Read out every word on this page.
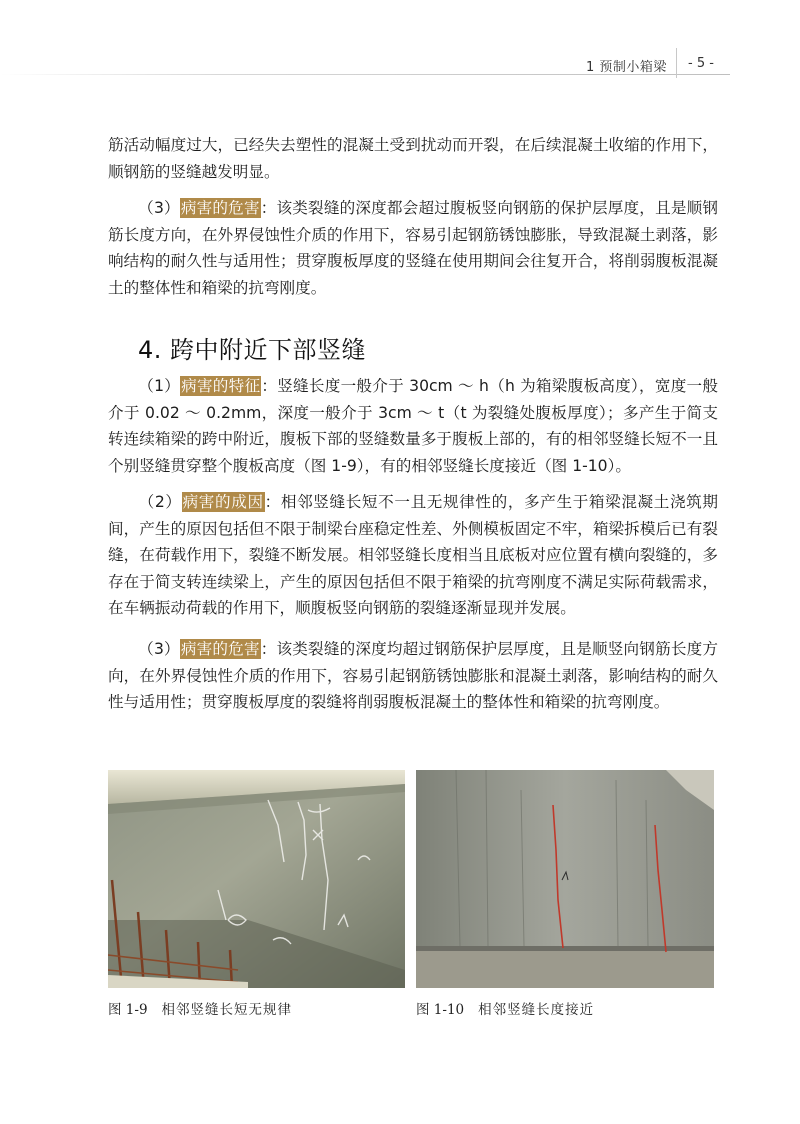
1 预制小箱梁 - 5 -

筋活动幅度过大，已经失去塑性的混凝土受到扰动而开裂，在后续混凝土收缩的作用下，顺钢筋的竖缝越发明显。

（3）病害的危害：该类裂缝的深度都会超过腹板竖向钢筋的保护层厚度，且是顺钢筋长度方向，在外界侵蚀性介质的作用下，容易引起钢筋锈蚀膨胀，导致混凝土剥落，影响结构的耐久性与适用性；贯穿腹板厚度的竖缝在使用期间会往复开合，将削弱腹板混凝土的整体性和箱梁的抗弯刚度。

4. 跨中附近下部竖缝

（1）病害的特征：竖缝长度一般介于 30cm ～ h（h 为箱梁腹板高度），宽度一般介于 0.02 ～ 0.2mm，深度一般介于 3cm ～ t（t 为裂缝处腹板厚度）；多产生于简支转连续箱梁的跨中附近，腹板下部的竖缝数量多于腹板上部的，有的相邻竖缝长短不一且个别竖缝贯穿整个腹板高度（图 1-9），有的相邻竖缝长度接近（图 1-10）。

（2）病害的成因：相邻竖缝长短不一且无规律性的，多产生于箱梁混凝土浇筑期间，产生的原因包括但不限于制梁台座稳定性差、外侧模板固定不牢，箱梁拆模后已有裂缝，在荷载作用下，裂缝不断发展。相邻竖缝长度相当且底板对应位置有横向裂缝的，多存在于简支转连续梁上，产生的原因包括但不限于箱梁的抗弯刚度不满足实际荷载需求，在车辆振动荷载的作用下，顺腹板竖向钢筋的裂缝逐渐显现并发展。

（3）病害的危害：该类裂缝的深度均超过钢筋保护层厚度，且是顺竖向钢筋长度方向，在外界侵蚀性介质的作用下，容易引起钢筋锈蚀膨胀和混凝土剥落，影响结构的耐久性与适用性；贯穿腹板厚度的裂缝将削弱腹板混凝土的整体性和箱梁的抗弯刚度。

图 1-9 相邻竖缝长短无规律	图 1-10 相邻竖缝长度接近
